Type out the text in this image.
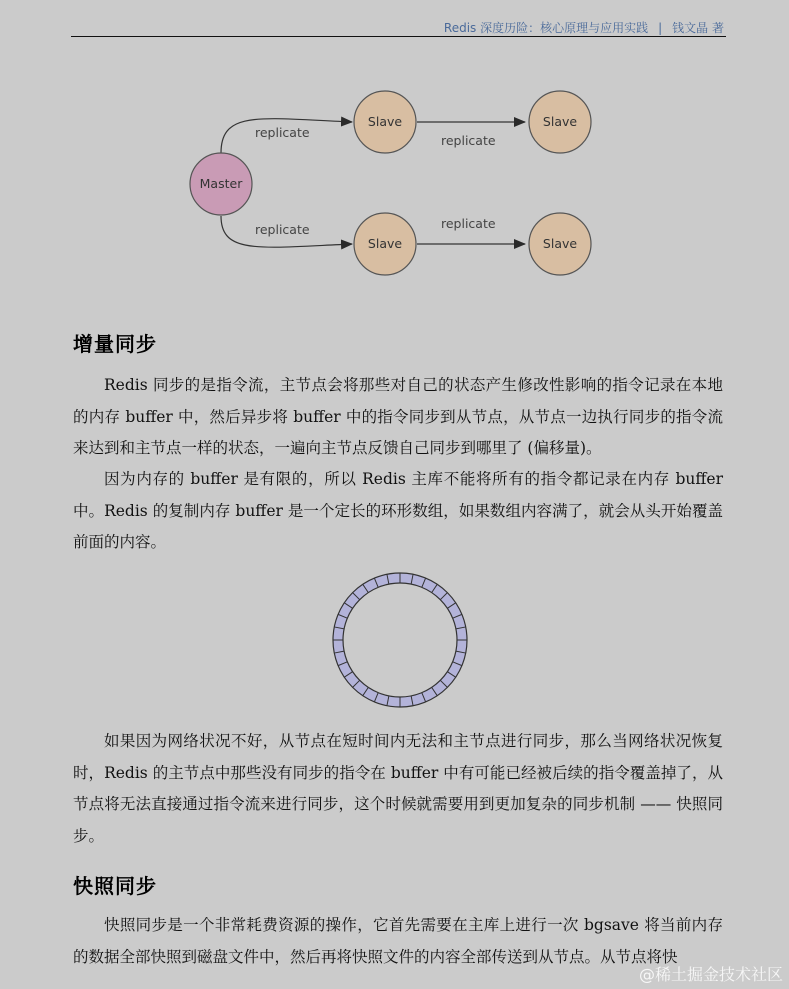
Redis 深度历险：核心原理与应用实践 | 钱文晶 著
replicate
replicate
replicate	replicate
Master
Slave	Slave
Slave	Slave
增量同步
Redis 同步的是指令流，主节点会将那些对自己的状态产生修改性影响的指令记录在本地的内存 buffer 中，然后异步将 buffer 中的指令同步到从节点，从节点一边执行同步的指令流来达到和主节点一样的状态，一遍向主节点反馈自己同步到哪里了 (偏移量)。
因为内存的 buffer 是有限的，所以 Redis 主库不能将所有的指令都记录在内存 buffer 中。Redis 的复制内存 buffer 是一个定长的环形数组，如果数组内容满了，就会从头开始覆盖前面的内容。
如果因为网络状况不好，从节点在短时间内无法和主节点进行同步，那么当网络状况恢复时，Redis 的主节点中那些没有同步的指令在 buffer 中有可能已经被后续的指令覆盖掉了，从节点将无法直接通过指令流来进行同步，这个时候就需要用到更加复杂的同步机制 —— 快照同步。
快照同步
快照同步是一个非常耗费资源的操作，它首先需要在主库上进行一次 bgsave 将当前内存的数据全部快照到磁盘文件中，然后再将快照文件的内容全部传送到从节点。从节点将快
@稀土掘金技术社区
